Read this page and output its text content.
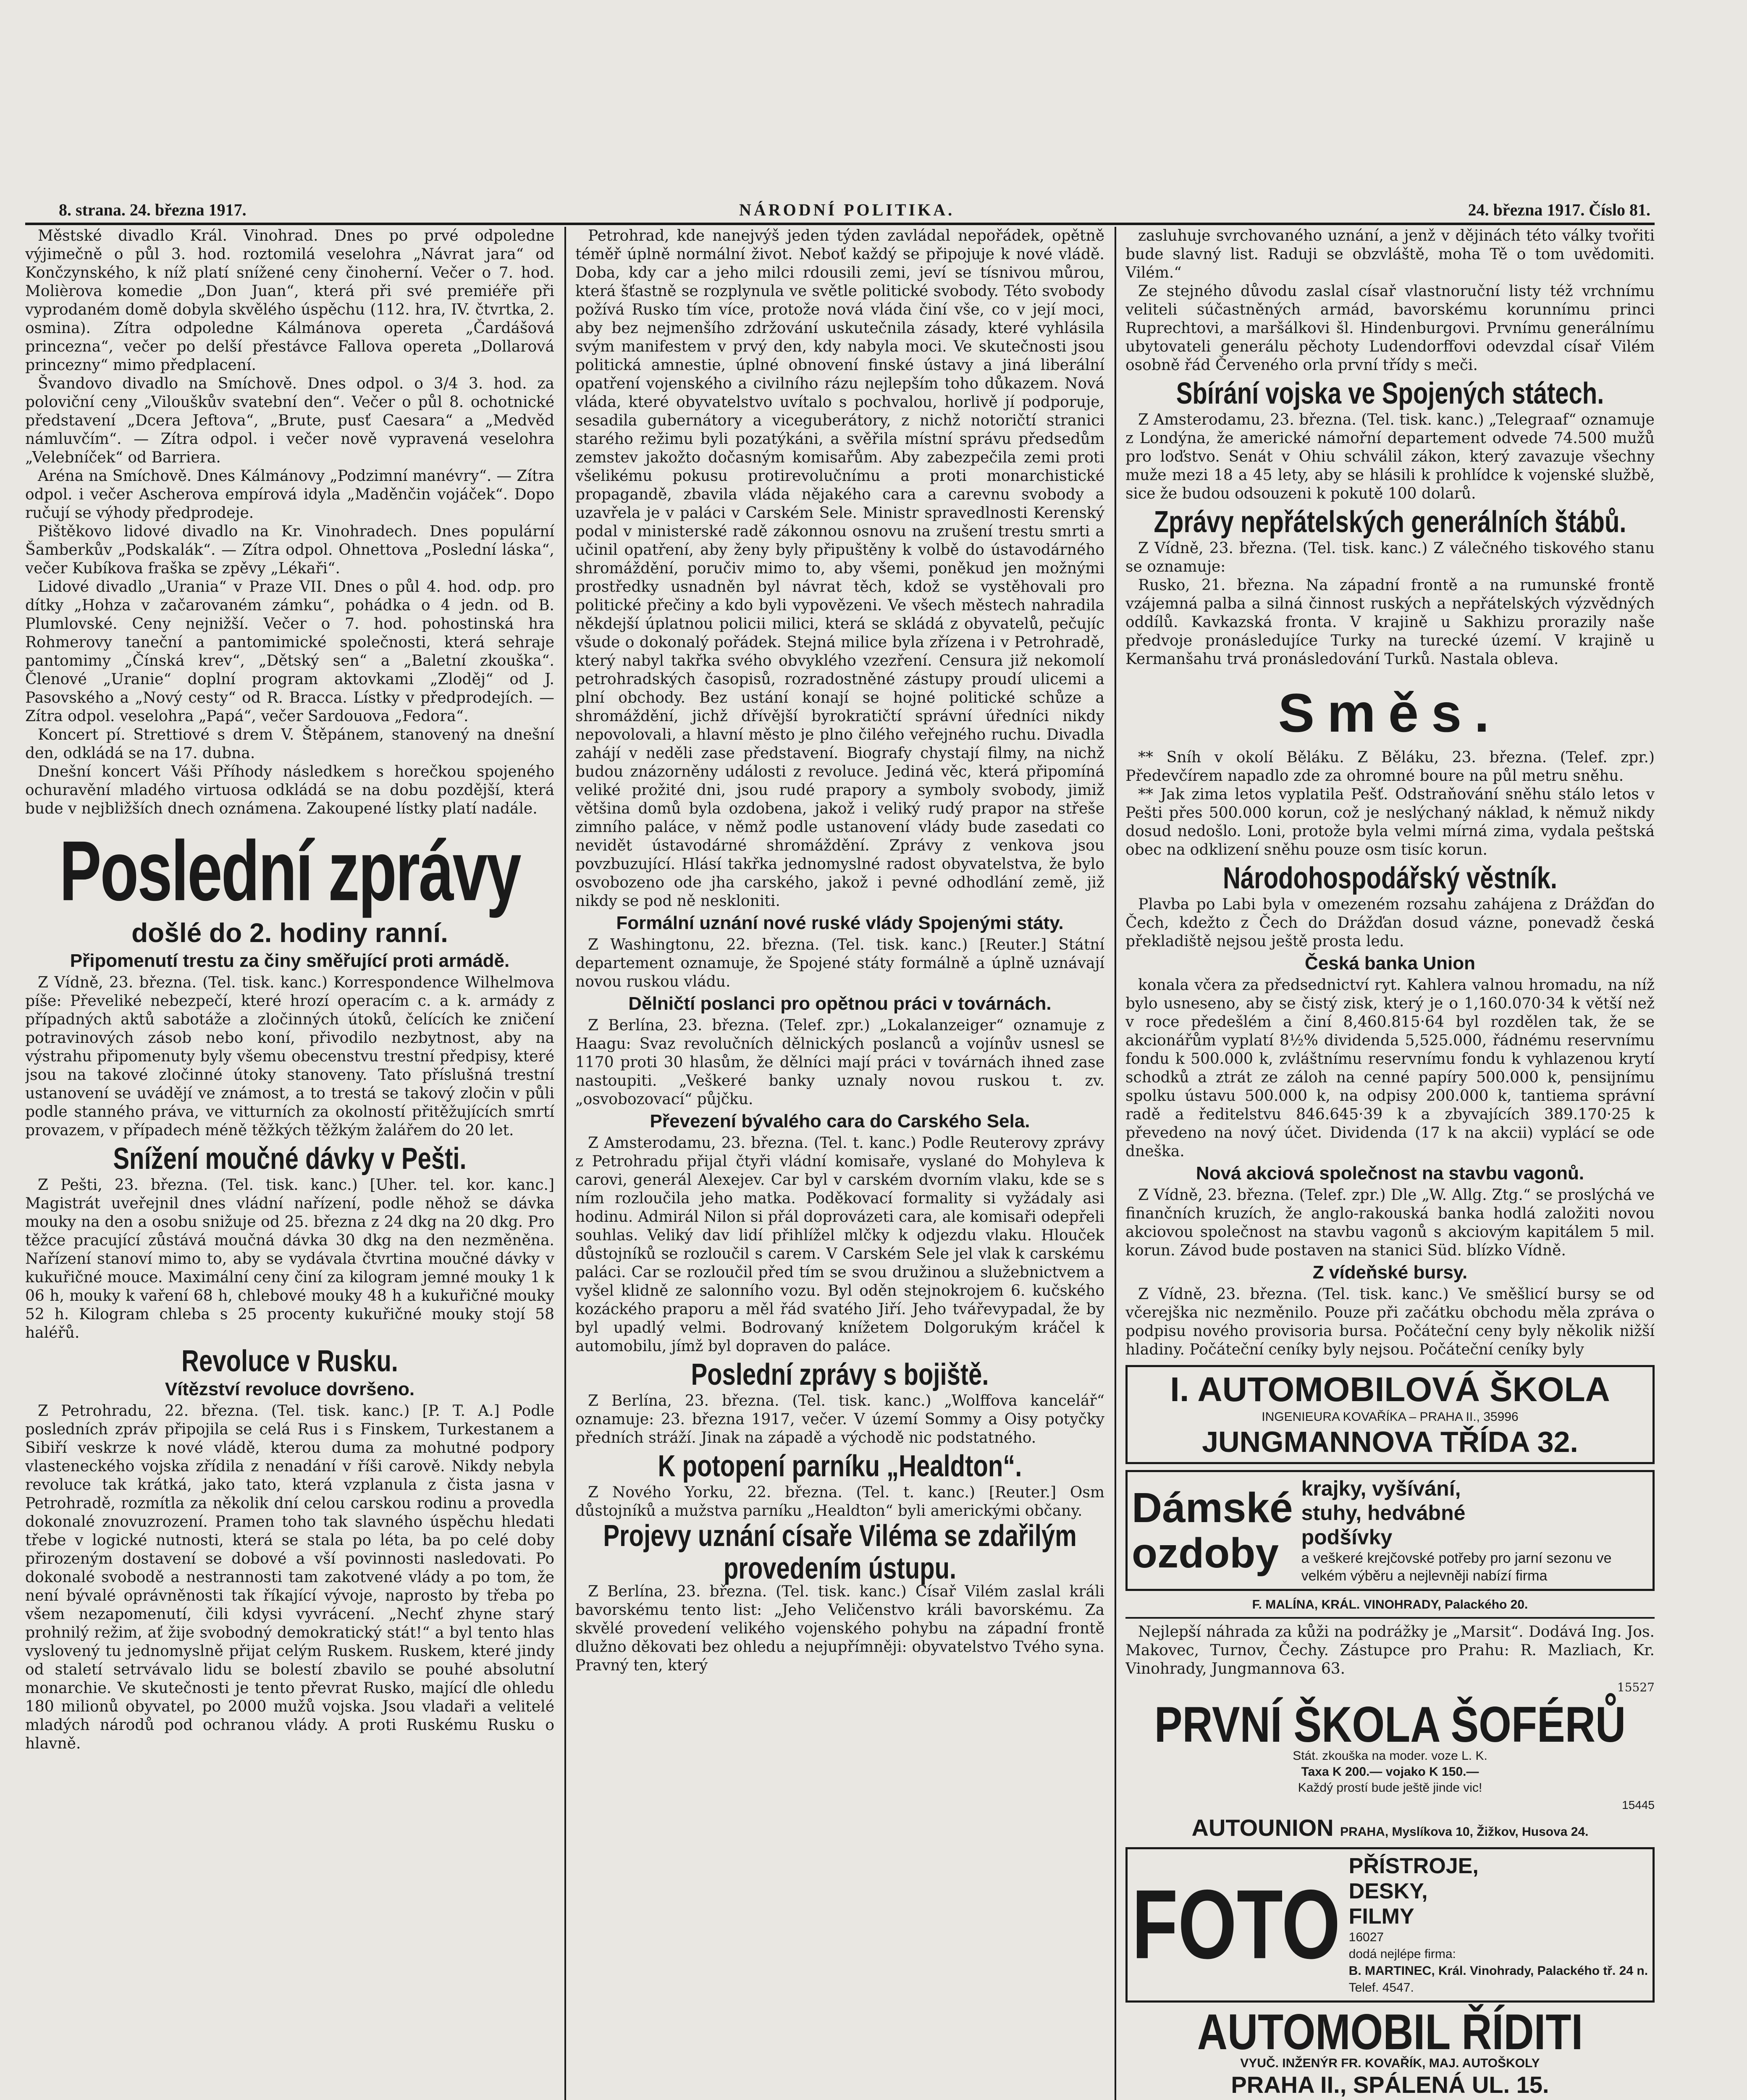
8. strana. 24. března 1917.	NÁRODNÍ POLITIKA.	24. března 1917. Číslo 81.

Městské divadlo Král. Vinohrad. Dnes po prvé odpoledne výjimečně o půl 3. hod. roztomilá veselohra „Návrat jara“ od Končzynského, k níž platí snížené ceny činoherní. Večer o 7. hod. Molièrova komedie „Don Juan“, která při své premiéře při vyprodaném domě dobyla skvělého úspěchu (112. hra, IV. čtvrtka, 2. osmina). Zítra odpoledne Kálmánova opereta „Čardášová princezna“, večer po delší přestávce Fallova opereta „Dollarová princezny“ mimo předplacení.

Švandovo divadlo na Smíchově. Dnes odpol. o 3/4 3. hod. za poloviční ceny „Vilouškův svatební den“. Večer o půl 8. ochotnické představení „Dcera Jeftova“, „Brute, pusť Caesara“ a „Medvěd námluvčím“. — Zítra odpol. i večer nově vypravená veselohra „Velebníček“ od Barriera.

Aréna na Smíchově. Dnes Kálmánovy „Podzimní manévry“. — Zítra odpol. i večer Ascherova empírová idyla „Maděnčin vojáček“. Dopo ručují se výhody předprodeje.

Pištěkovo lidové divadlo na Kr. Vinohradech. Dnes populární Šamberkův „Podskalák“. — Zítra odpol. Ohnettova „Poslední láska“, večer Kubíkova fraška se zpěvy „Lékaři“.

Lidové divadlo „Urania“ v Praze VII. Dnes o půl 4. hod. odp. pro dítky „Hohza v začarovaném zámku“, pohádka o 4 jedn. od B. Plumlovské. Ceny nejnižší. Večer o 7. hod. pohostinská hra Rohmerovy taneční a pantomimické společnosti, která sehraje pantomimy „Čínská krev“, „Dětský sen“ a „Baletní zkouška“. Členové „Uranie“ doplní program aktovkami „Zloděj“ od J. Pasovského a „Nový cesty“ od R. Bracca. Lístky v předprodejích. — Zítra odpol. veselohra „Papá“, večer Sardouova „Fedora“.

Koncert pí. Strettiové s drem V. Štěpánem, stanovený na dnešní den, odkládá se na 17. dubna.

Dnešní koncert Váši Příhody následkem s horečkou spojeného ochuravění mladého virtuosa odkládá se na dobu pozdější, která bude v nejbližších dnech oznámena. Zakoupené lístky platí nadále.

Poslední zprávy
došlé do 2. hodiny ranní.
Připomenutí trestu za činy směřující proti armádě.

Z Vídně, 23. března. (Tel. tisk. kanc.) Korrespondence Wilhelmova píše: Převeliké nebezpečí, které hrozí operacím c. a k. armády z případných aktů sabotáže a zločinných útoků, čelících ke zničení potravinových zásob nebo koní, přivodilo nezbytnost, aby na výstrahu připomenuty byly všemu obecenstvu trestní předpisy, které jsou na takové zločinné útoky stanoveny. Tato příslušná trestní ustanovení se uvádějí ve známost, a to trestá se takový zločin v půli podle stanného práva, ve vitturních za okolností přitěžujících smrtí provazem, v případech méně těžkých těžkým žalářem do 20 let.

Snížení moučné dávky v Pešti.

Z Pešti, 23. března. (Tel. tisk. kanc.) [Uher. tel. kor. kanc.] Magistrát uveřejnil dnes vládní nařízení, podle něhož se dávka mouky na den a osobu snižuje od 25. března z 24 dkg na 20 dkg. Pro těžce pracující zůstává moučná dávka 30 dkg na den nezměněna. Nařízení stanoví mimo to, aby se vydávala čtvrtina moučné dávky v kukuřičné mouce. Maximální ceny činí za kilogram jemné mouky 1 k 06 h, mouky k vaření 68 h, chlebové mouky 48 h a kukuřičné mouky 52 h. Kilogram chleba s 25 procenty kukuřičné mouky stojí 58 haléřů.

Revoluce v Rusku.
Vítězství revoluce dovršeno.

Z Petrohradu, 22. března. (Tel. tisk. kanc.) [P. T. A.] Podle posledních zpráv připojila se celá Rus i s Finskem, Turkestanem a Sibiří veskrze k nové vládě, kterou duma za mohutné podpory vlasteneckého vojska zřídila z nenadání v říši carově. Nikdy nebyla revoluce tak krátká, jako tato, která vzplanula z čista jasna v Petrohradě, rozmítla za několik dní celou carskou rodinu a provedla dokonalé znovuzrození. Pramen toho tak slavného úspěchu hledati třebe v logické nutnosti, která se stala po léta, ba po celé doby přirozeným dostavení se dobové a vší povinnosti nasledovati. Po dokonalé svobodě a nestrannosti tam zakotvené vlády a po tom, že není bývalé oprávněnosti tak říkající vývoje, naprosto by třeba po všem nezapomenutí, čili kdysi vyvrácení. „Nechť zhyne starý prohnilý režim, ať žije svobodný demokratický stát!“ a byl tento hlas vyslovený tu jednomyslně přijat celým Ruskem. Ruskem, které jindy od staletí setrvávalo lidu se bolestí zbavilo se pouhé absolutní monarchie. Ve skutečnosti je tento převrat Rusko, mající dle ohledu 180 milionů obyvatel, po 2000 mužů vojska. Jsou vladaři a velitelé mladých národů pod ochranou vlády. A proti Ruskému Rusku o hlavně.

Petrohrad, kde nanejvýš jeden týden zavládal nepořádek, opětně téměř úplně normální život. Neboť každý se připojuje k nové vládě. Doba, kdy car a jeho milci rdousili zemi, jeví se tísnivou můrou, která šťastně se rozplynula ve světle politické svobody. Této svobody požívá Rusko tím více, protože nová vláda činí vše, co v její moci, aby bez nejmenšího zdržování uskutečnila zásady, které vyhlásila svým manifestem v prvý den, kdy nabyla moci. Ve skutečnosti jsou politická amnestie, úplné obnovení finské ústavy a jiná liberální opatření vojenského a civilního rázu nejlepším toho důkazem. Nová vláda, které obyvatelstvo uvítalo s pochvalou, horlivě jí podporuje, sesadila gubernátory a viceguberátory, z nichž notoričtí stranici starého režimu byli pozatýkáni, a svěřila místní správu předsedům zemstev jakožto dočasným komisařům. Aby zabezpečila zemi proti všelikému pokusu protirevolučnímu a proti monarchistické propagandě, zbavila vláda nějakého cara a carevnu svobody a uzavřela je v paláci v Carském Sele. Ministr spravedlnosti Kerenský podal v ministerské radě zákonnou osnovu na zrušení trestu smrti a učinil opatření, aby ženy byly připuštěny k volbě do ústavodárného shromáždění, poručiv mimo to, aby všemi, poněkud jen možnými prostředky usnadněn byl návrat těch, kdož se vystěhovali pro politické přečiny a kdo byli vypovězeni. Ve všech městech nahradila někdejší úplatnou policii milici, která se skládá z obyvatelů, pečujíc všude o dokonalý pořádek. Stejná milice byla zřízena i v Petrohradě, který nabyl takřka svého obvyklého vzezření. Censura již nekomolí petrohradských časopisů, rozradostněné zástupy proudí ulicemi a plní obchody. Bez ustání konají se hojné politické schůze a shromáždění, jichž dřívější byrokratičtí správní úředníci nikdy nepovolovali, a hlavní město je plno čilého veřejného ruchu. Divadla zahájí v neděli zase představení. Biografy chystají filmy, na nichž budou znázorněny události z revoluce. Jediná věc, která připomíná veliké prožité dni, jsou rudé prapory a symboly svobody, jimiž většina domů byla ozdobena, jakož i veliký rudý prapor na střeše zimního paláce, v němž podle ustanovení vlády bude zasedati co nevidět ústavodárné shromáždění. Zprávy z venkova jsou povzbuzující. Hlásí takřka jednomyslné radost obyvatelstva, že bylo osvobozeno ode jha carského, jakož i pevné odhodlání země, již nikdy se pod ně neskloniti.

Formální uznání nové ruské vlády Spojenými státy.

Z Washingtonu, 22. března. (Tel. tisk. kanc.) [Reuter.] Státní departement oznamuje, že Spojené státy formálně a úplně uznávají novou ruskou vládu.

Dělničtí poslanci pro opětnou práci v továrnách.

Z Berlína, 23. března. (Telef. zpr.) „Lokalanzeiger“ oznamuje z Haagu: Svaz revolučních dělnických poslanců a vojínův usnesl se 1170 proti 30 hlasům, že dělníci mají práci v továrnách ihned zase nastoupiti. „Veškeré banky uznaly novou ruskou t. zv. „osvobozovací“ půjčku.

Převezení bývalého cara do Carského Sela.

Z Amsterodamu, 23. března. (Tel. t. kanc.) Podle Reuterovy zprávy z Petrohradu přijal čtyři vládní komisaře, vyslané do Mohyleva k carovi, generál Alexejev. Car byl v carském dvorním vlaku, kde se s ním rozloučila jeho matka. Poděkovací formality si vyžádaly asi hodinu. Admirál Nilon si přál doprovázeti cara, ale komisaři odepřeli souhlas. Veliký dav lidí přihlížel mlčky k odjezdu vlaku. Hlouček důstojníků se rozloučil s carem. V Carském Sele jel vlak k carskému paláci. Car se rozloučil před tím se svou družinou a služebnictvem a vyšel klidně ze salonního vozu. Byl oděn stejnokrojem 6. kučského kozáckého praporu a měl řád svatého Jiří. Jeho tvářevypadal, že by byl upadlý velmi. Bodrovaný knížetem Dolgorukým kráčel k automobilu, jímž byl dopraven do paláce.

Poslední zprávy s bojiště.

Z Berlína, 23. března. (Tel. tisk. kanc.) „Wolffova kancelář“ oznamuje: 23. března 1917, večer. V území Sommy a Oisy potyčky předních stráží. Jinak na západě a východě nic podstatného.

K potopení parníku „Healdton“.

Z Nového Yorku, 22. března. (Tel. t. kanc.) [Reuter.] Osm důstojníků a mužstva parníku „Healdton“ byli americkými občany.

Projevy uznání císaře Viléma se zdařilým provedením ústupu.

Z Berlína, 23. března. (Tel. tisk. kanc.) Císař Vilém zaslal králi bavorskému tento list: „Jeho Veličenstvo králi bavorskému. Za skvělé provedení velikého vojenského pohybu na západní frontě dlužno děkovati bez ohledu a nejupřímněji: obyvatelstvo Tvého syna. Pravný ten, který

zasluhuje svrchovaného uznání, a jenž v dějinách této války tvořiti bude slavný list. Raduji se obzvláště, moha Tě o tom uvědomiti. Vilém.“

Ze stejného důvodu zaslal císař vlastnoruční listy též vrchnímu veliteli súčastněných armád, bavorskému korunnímu princi Ruprechtovi, a maršálkovi šl. Hindenburgovi. Prvnímu generálnímu ubytovateli generálu pěchoty Ludendorffovi odevzdal císař Vilém osobně řád Červeného orla první třídy s meči.

Sbírání vojska ve Spojených státech.

Z Amsterodamu, 23. března. (Tel. tisk. kanc.) „Telegraaf“ oznamuje z Londýna, že americké námořní departement odvede 74.500 mužů pro loďstvo. Senát v Ohiu schválil zákon, který zavazuje všechny muže mezi 18 a 45 lety, aby se hlásili k prohlídce k vojenské službě, sice že budou odsouzeni k pokutě 100 dolarů.

Zprávy nepřátelských generálních štábů.

Z Vídně, 23. března. (Tel. tisk. kanc.) Z válečného tiskového stanu se oznamuje:

Rusko, 21. března. Na západní frontě a na rumunské frontě vzájemná palba a silná činnost ruských a nepřátelských výzvědných oddílů. Kavkazská fronta. V krajině u Sakhizu prorazily naše předvoje pronásledujíce Turky na turecké území. V krajině u Kermanšahu trvá pronásledování Turků. Nastala obleva.

Směs.

** Sníh v okolí Běláku. Z Běláku, 23. března. (Telef. zpr.) Předevčírem napadlo zde za ohromné boure na půl metru sněhu.

** Jak zima letos vyplatila Pešť. Odstraňování sněhu stálo letos v Pešti přes 500.000 korun, což je neslýchaný náklad, k němuž nikdy dosud nedošlo. Loni, protože byla velmi mírná zima, vydala peštská obec na odklizení sněhu pouze osm tisíc korun.

Národohospodářský věstník.

Plavba po Labi byla v omezeném rozsahu zahájena z Drážďan do Čech, kdežto z Čech do Drážďan dosud vázne, ponevadž česká překladiště nejsou ještě prosta ledu.

Česká banka Union

konala včera za předsednictví ryt. Kahlera valnou hromadu, na níž bylo usneseno, aby se čistý zisk, který je o 1,160.070·34 k větší než v roce předešlém a činí 8,460.815·64 byl rozdělen tak, že se akcionářům vyplatí 8½% dividenda 5,525.000, řádnému reservnímu fondu k 500.000 k, zvláštnímu reservnímu fondu k vyhlazenou krytí schodků a ztrát ze záloh na cenné papíry 500.000 k, pensijnímu spolku ústavu 500.000 k, na odpisy 200.000 k, tantiema správní radě a ředitelstvu 846.645·39 k a zbyvajících 389.170·25 k převedeno na nový účet. Dividenda (17 k na akcii) vyplácí se ode dneška.

Nová akciová společnost na stavbu vagonů.

Z Vídně, 23. března. (Telef. zpr.) Dle „W. Allg. Ztg.“ se proslýchá ve finančních kruzích, že anglo-rakouská banka hodlá založiti novou akciovou společnost na stavbu vagonů s akciovým kapitálem 5 mil. korun. Závod bude postaven na stanici Süd. blízko Vídně.

Z vídeňské bursy.

Z Vídně, 23. března. (Tel. tisk. kanc.) Ve směšlicí bursy se od včerejška nic nezměnilo. Pouze při začátku obchodu měla zpráva o podpisu nového provisoria bursa. Počáteční ceny byly několik nižší hladiny. Počáteční ceníky byly nejsou. Počáteční ceníky byly

I. AUTOMOBILOVÁ ŠKOLA
INGENIEURA KOVAŘÍKA – PRAHA II., 35996
JUNGMANNOVA TŘÍDA 32.
Dámské
ozdoby
krajky, vyšívání,
stuhy, hedvábné
podšívky
a veškeré krejčovské potřeby pro jarní sezonu ve velkém výběru a nejlevněji nabízí firma
F. MALÍNA, KRÁL. VINOHRADY, Palackého 20.

Nejlepší náhrada za kůži na podrážky je „Marsit“. Dodává Ing. Jos. Makovec, Turnov, Čechy. Zástupce pro Prahu: R. Mazliach, Kr. Vinohrady, Jungmannova 63.

15527
PRVNÍ ŠKOLA ŠOFÉRŮ
Stát. zkouška na moder. voze L. K.
Taxa K 200.— vojako K 150.—
Každý prostí bude ještě jinde vic!
15445
AUTOUNION PRAHA, Myslíkova 10, Žižkov, Husova 24.
FOTO
PŘÍSTROJE,
DESKY,
FILMY
16027
dodá nejlépe firma:
B. MARTINEC, Král. Vinohrady, Palackého tř. 24 n.
Telef. 4547.
AUTOMOBIL ŘÍDITI
VYUČ. INŽENÝR FR. KOVAŘÍK, MAJ. AUTOŠKOLY
PRAHA II., SPÁLENÁ UL. 15.
